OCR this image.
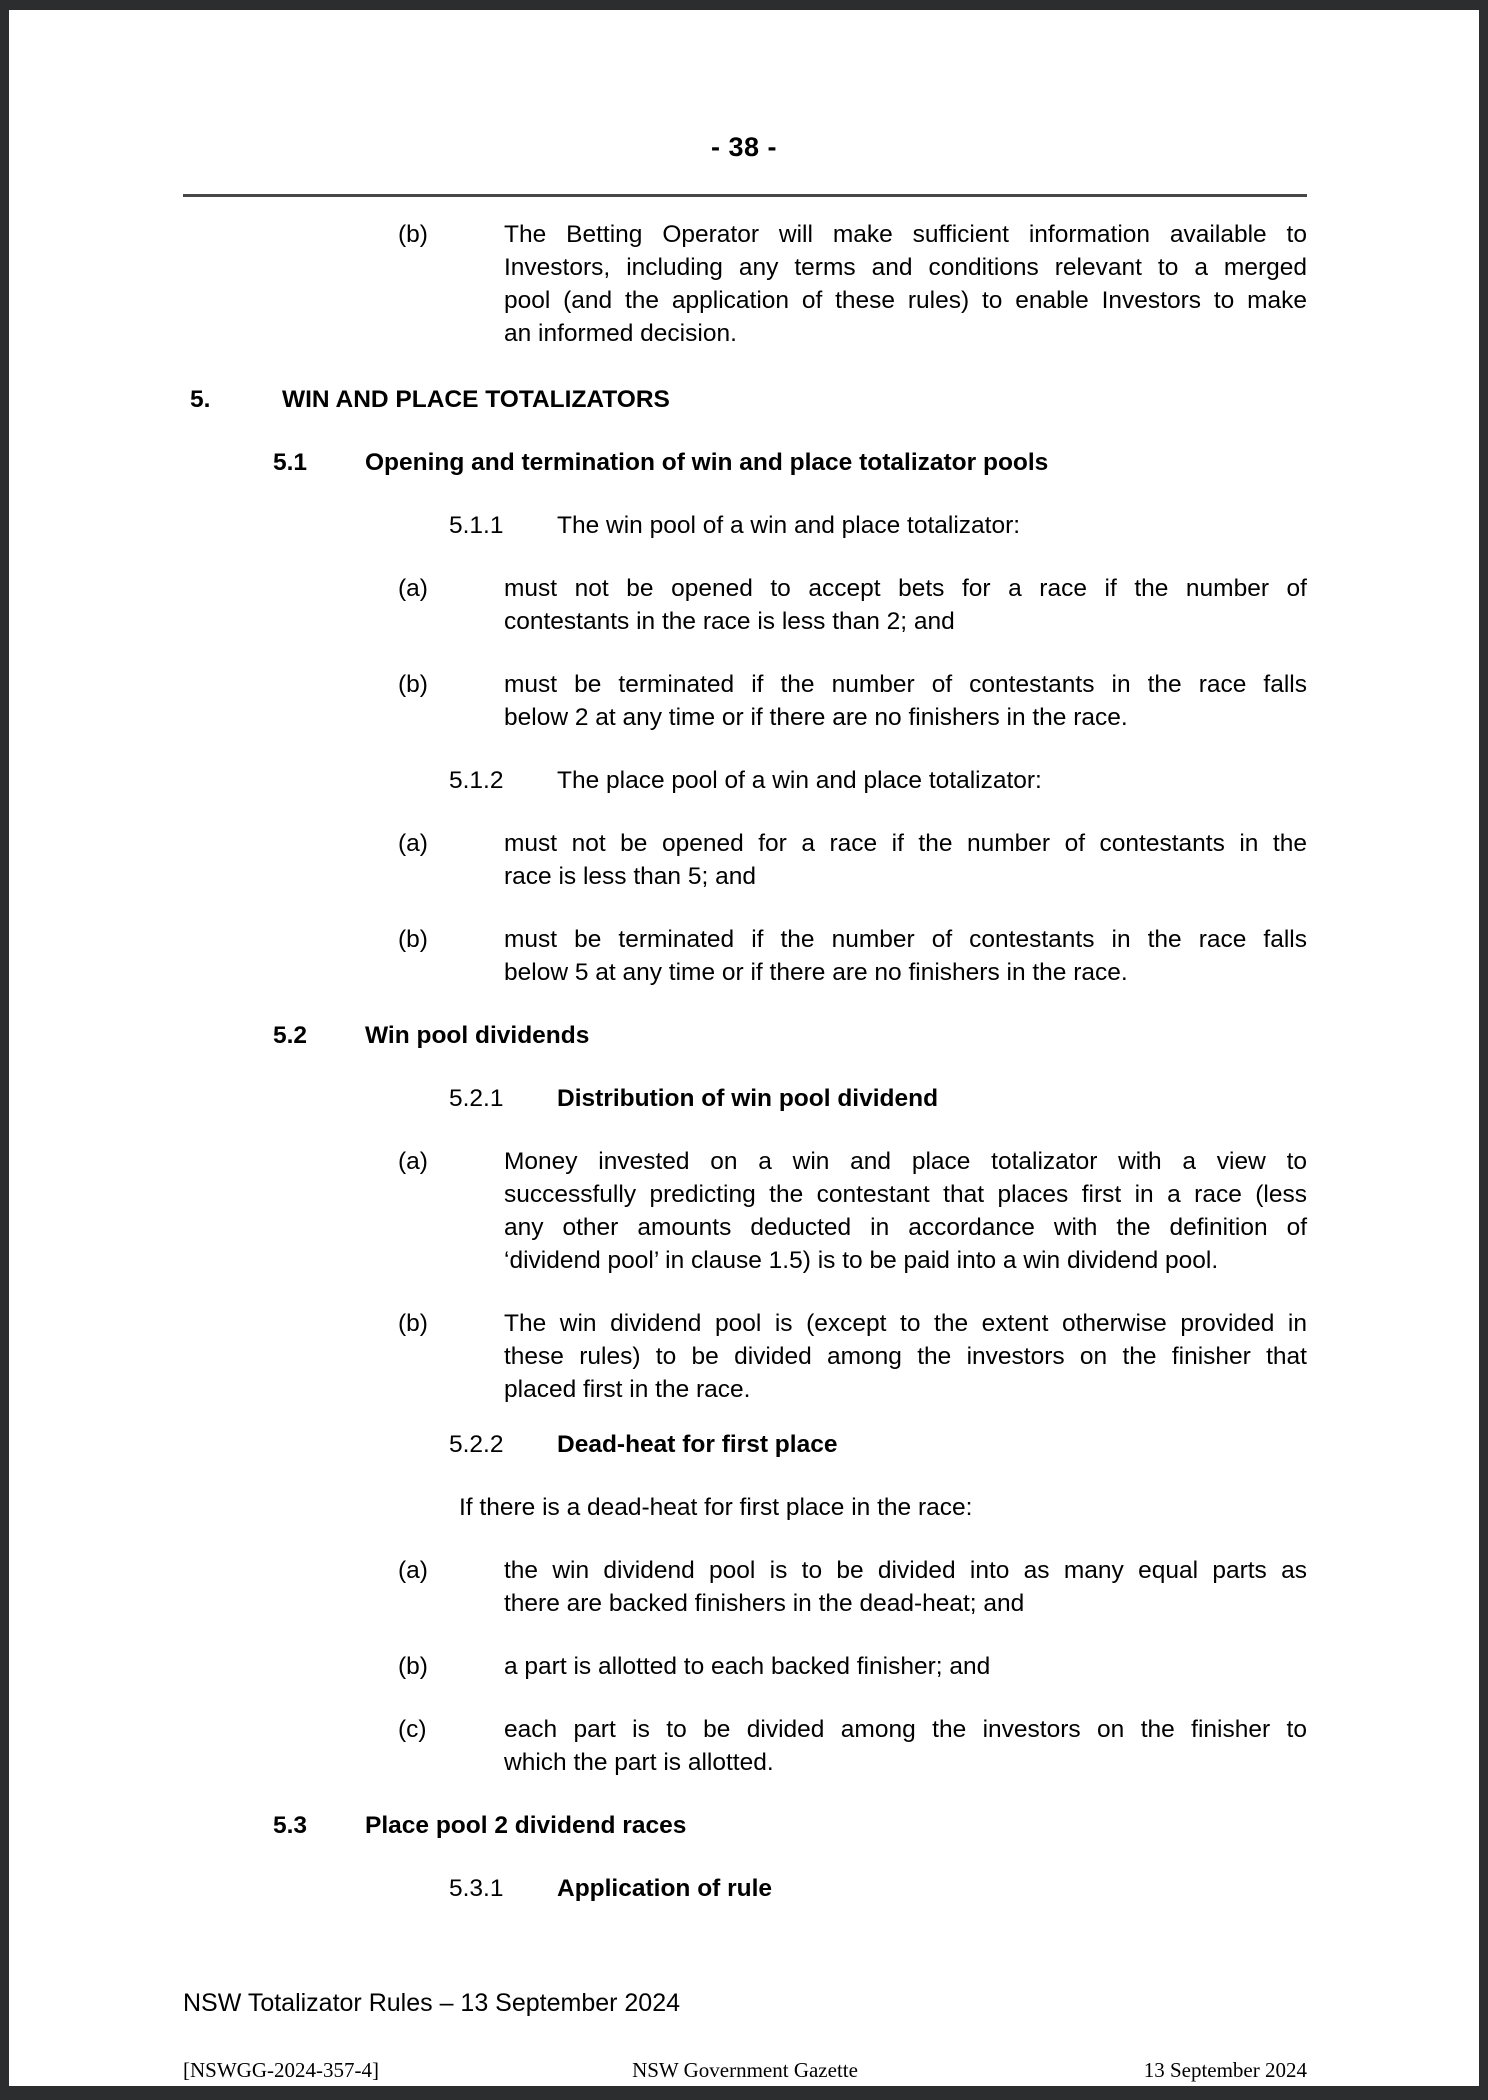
- 38 -
(b)	The Betting Operator will make sufficient information available to
Investors, including any terms and conditions relevant to a merged
pool (and the application of these rules) to enable Investors to make
an informed decision.
5.	WIN AND PLACE TOTALIZATORS
5.1 Opening and termination of win and place totalizator pools
5.1.1 The win pool of a win and place totalizator:
(a)	must not be opened to accept bets for a race if the number of
contestants in the race is less than 2; and
(b)	must be terminated if the number of contestants in the race falls
below 2 at any time or if there are no finishers in the race.
5.1.2 The place pool of a win and place totalizator:
(a)	must not be opened for a race if the number of contestants in the
race is less than 5; and
(b)	must be terminated if the number of contestants in the race falls
below 5 at any time or if there are no finishers in the race.
5.2 Win pool dividends
5.2.1 Distribution of win pool dividend
(a)	Money invested on a win and place totalizator with a view to
successfully predicting the contestant that places first in a race (less
any other amounts deducted in accordance with the definition of
‘dividend pool’ in clause 1.5) is to be paid into a win dividend pool.
(b)	The win dividend pool is (except to the extent otherwise provided in
these rules) to be divided among the investors on the finisher that
placed first in the race.
5.2.2 Dead-heat for first place
If there is a dead-heat for first place in the race:
(a)	the win dividend pool is to be divided into as many equal parts as
there are backed finishers in the dead-heat; and
(b)	a part is allotted to each backed finisher; and
(c)	each part is to be divided among the investors on the finisher to
which the part is allotted.
5.3 Place pool 2 dividend races
5.3.1 Application of rule
NSW Totalizator Rules – 13 September 2024
[NSWGG-2024-357-4]	NSW Government Gazette	13 September 2024
